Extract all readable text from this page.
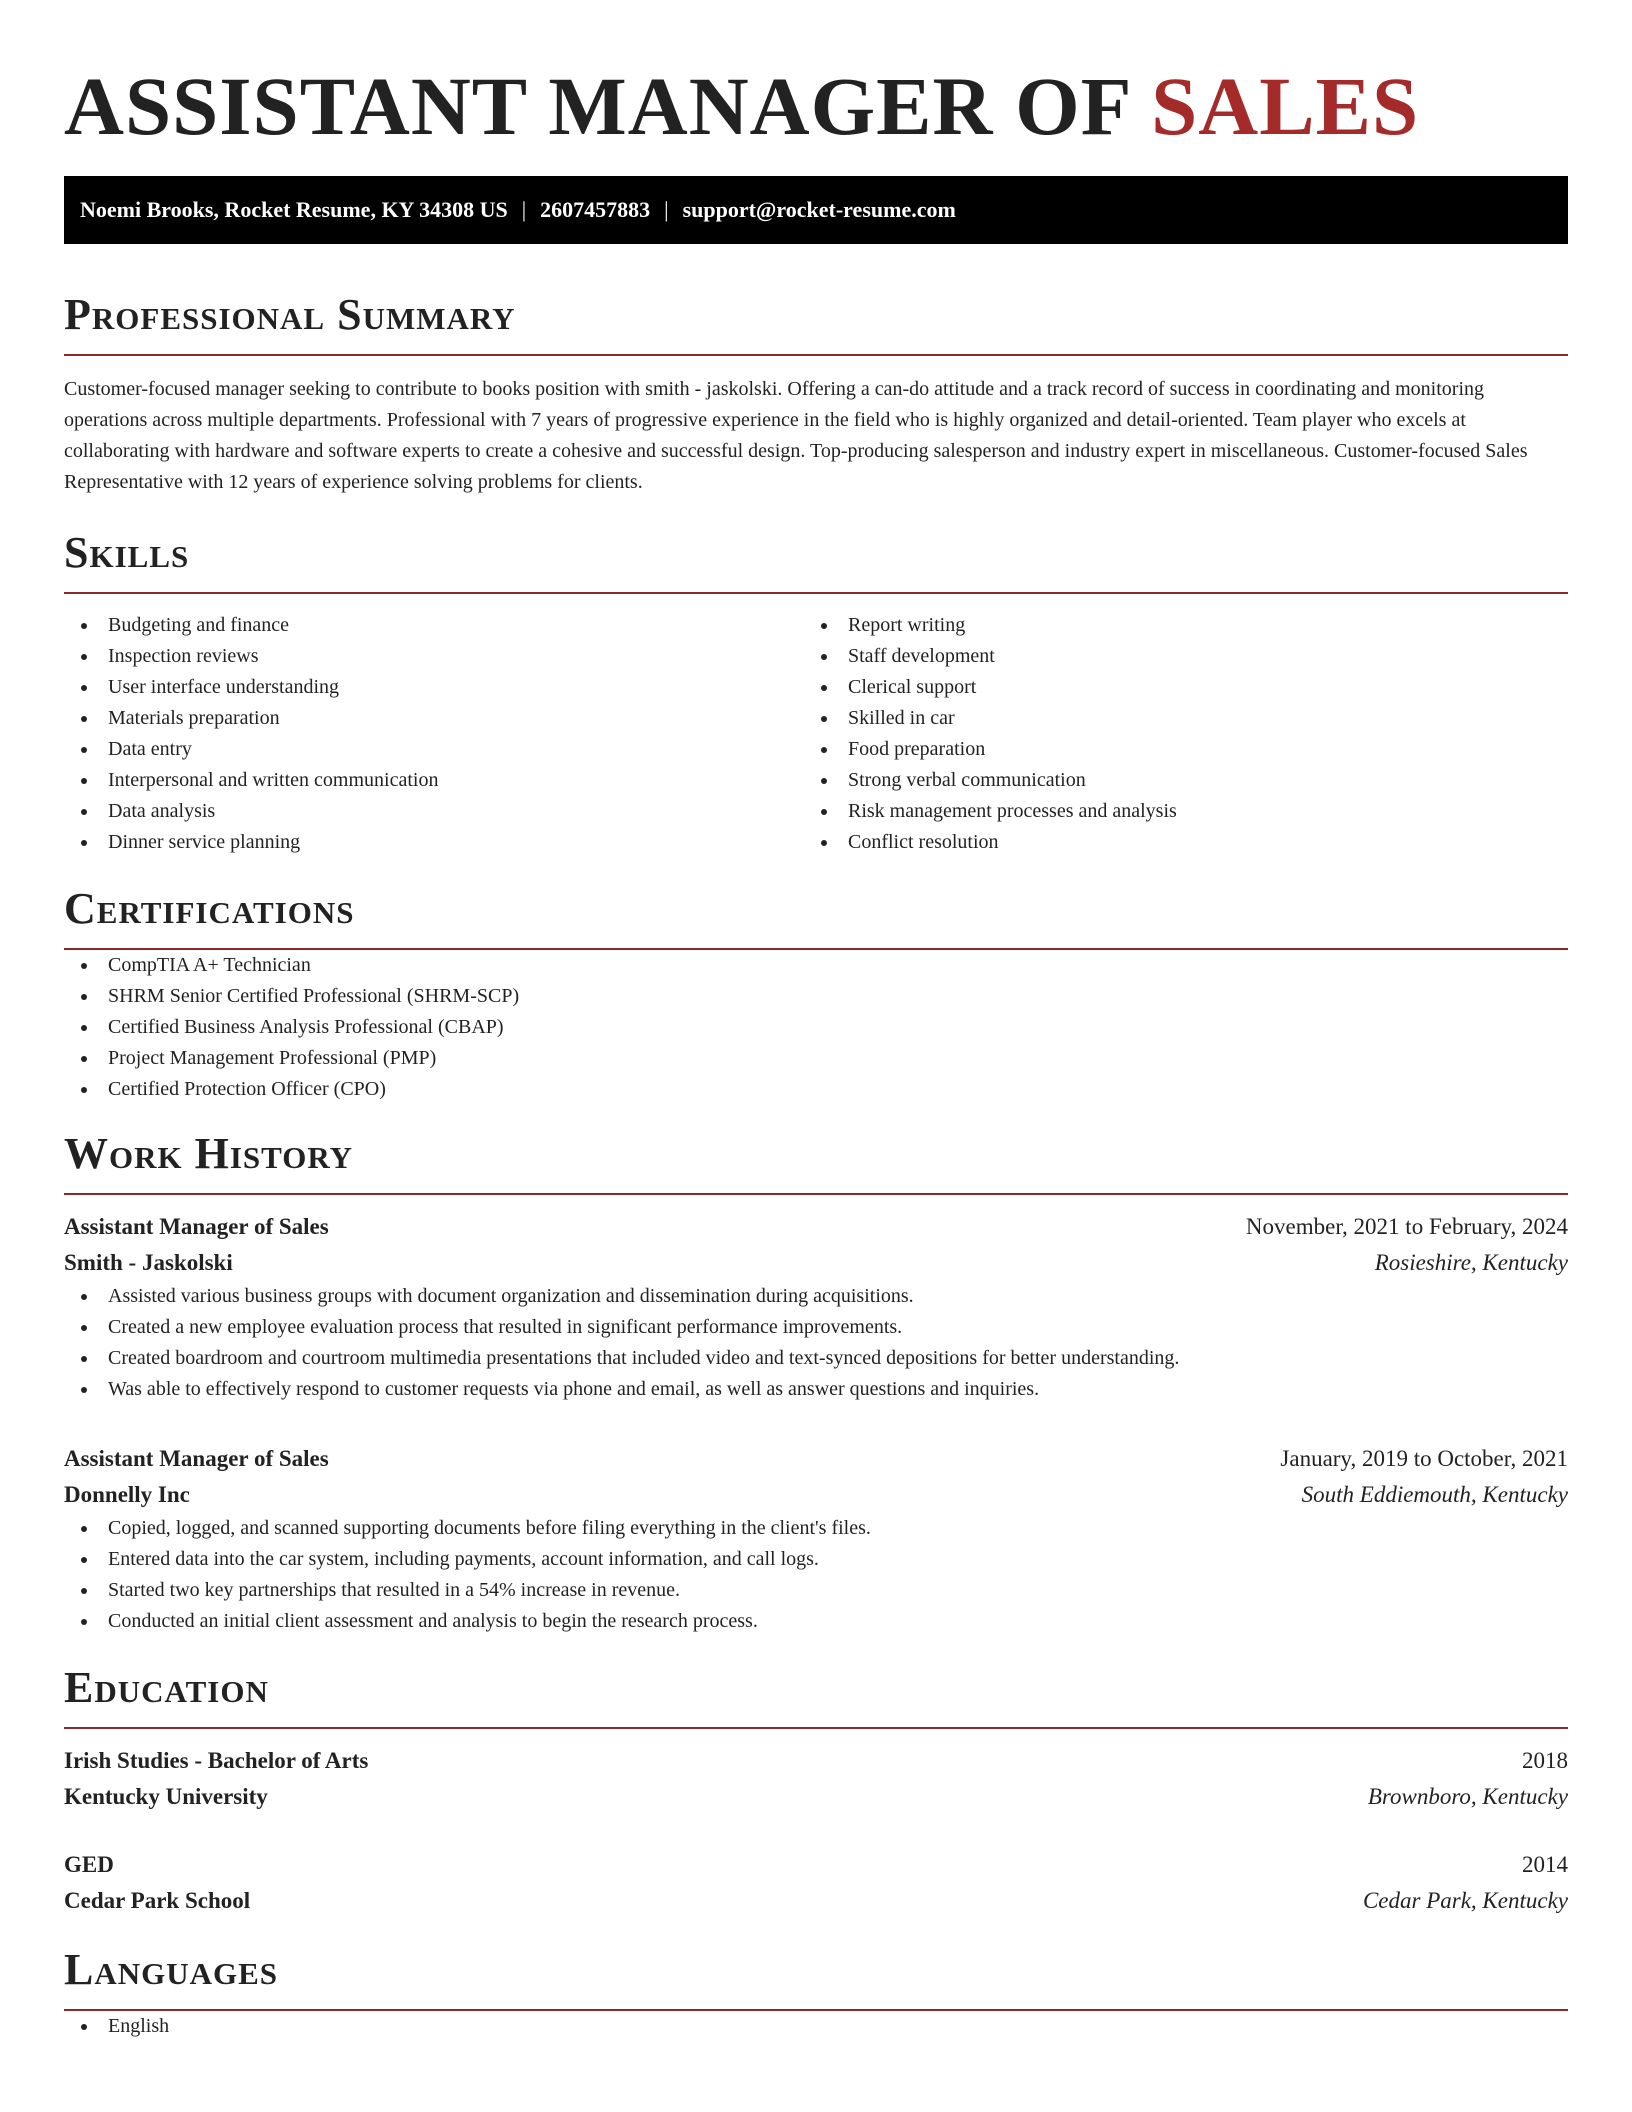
ASSISTANT MANAGER OF SALES
Noemi Brooks, Rocket Resume, KY 34308 US | 2607457883 | support@rocket-resume.com
Professional Summary

Customer-focused manager seeking to contribute to books position with smith - jaskolski. Offering a can-do attitude and a track record of success in coordinating and monitoring operations across multiple departments. Professional with 7 years of progressive experience in the field who is highly organized and detail-oriented. Team player who excels at collaborating with hardware and software experts to create a cohesive and successful design. Top-producing salesperson and industry expert in miscellaneous. Customer-focused Sales Representative with 12 years of experience solving problems for clients.

Skills
Budgeting and finance
Inspection reviews
User interface understanding
Materials preparation
Data entry
Interpersonal and written communication
Data analysis
Dinner service planning
Report writing
Staff development
Clerical support
Skilled in car
Food preparation
Strong verbal communication
Risk management processes and analysis
Conflict resolution
Certifications
CompTIA A+ Technician
SHRM Senior Certified Professional (SHRM-SCP)
Certified Business Analysis Professional (CBAP)
Project Management Professional (PMP)
Certified Protection Officer (CPO)
Work History
Assistant Manager of Sales	November, 2021 to February, 2024
Smith - Jaskolski	Rosieshire, Kentucky
Assisted various business groups with document organization and dissemination during acquisitions.
Created a new employee evaluation process that resulted in significant performance improvements.
Created boardroom and courtroom multimedia presentations that included video and text-synced depositions for better understanding.
Was able to effectively respond to customer requests via phone and email, as well as answer questions and inquiries.
Assistant Manager of Sales	January, 2019 to October, 2021
Donnelly Inc	South Eddiemouth, Kentucky
Copied, logged, and scanned supporting documents before filing everything in the client's files.
Entered data into the car system, including payments, account information, and call logs.
Started two key partnerships that resulted in a 54% increase in revenue.
Conducted an initial client assessment and analysis to begin the research process.
Education
Irish Studies - Bachelor of Arts	2018
Kentucky University	Brownboro, Kentucky
GED	2014
Cedar Park School	Cedar Park, Kentucky
Languages
English
